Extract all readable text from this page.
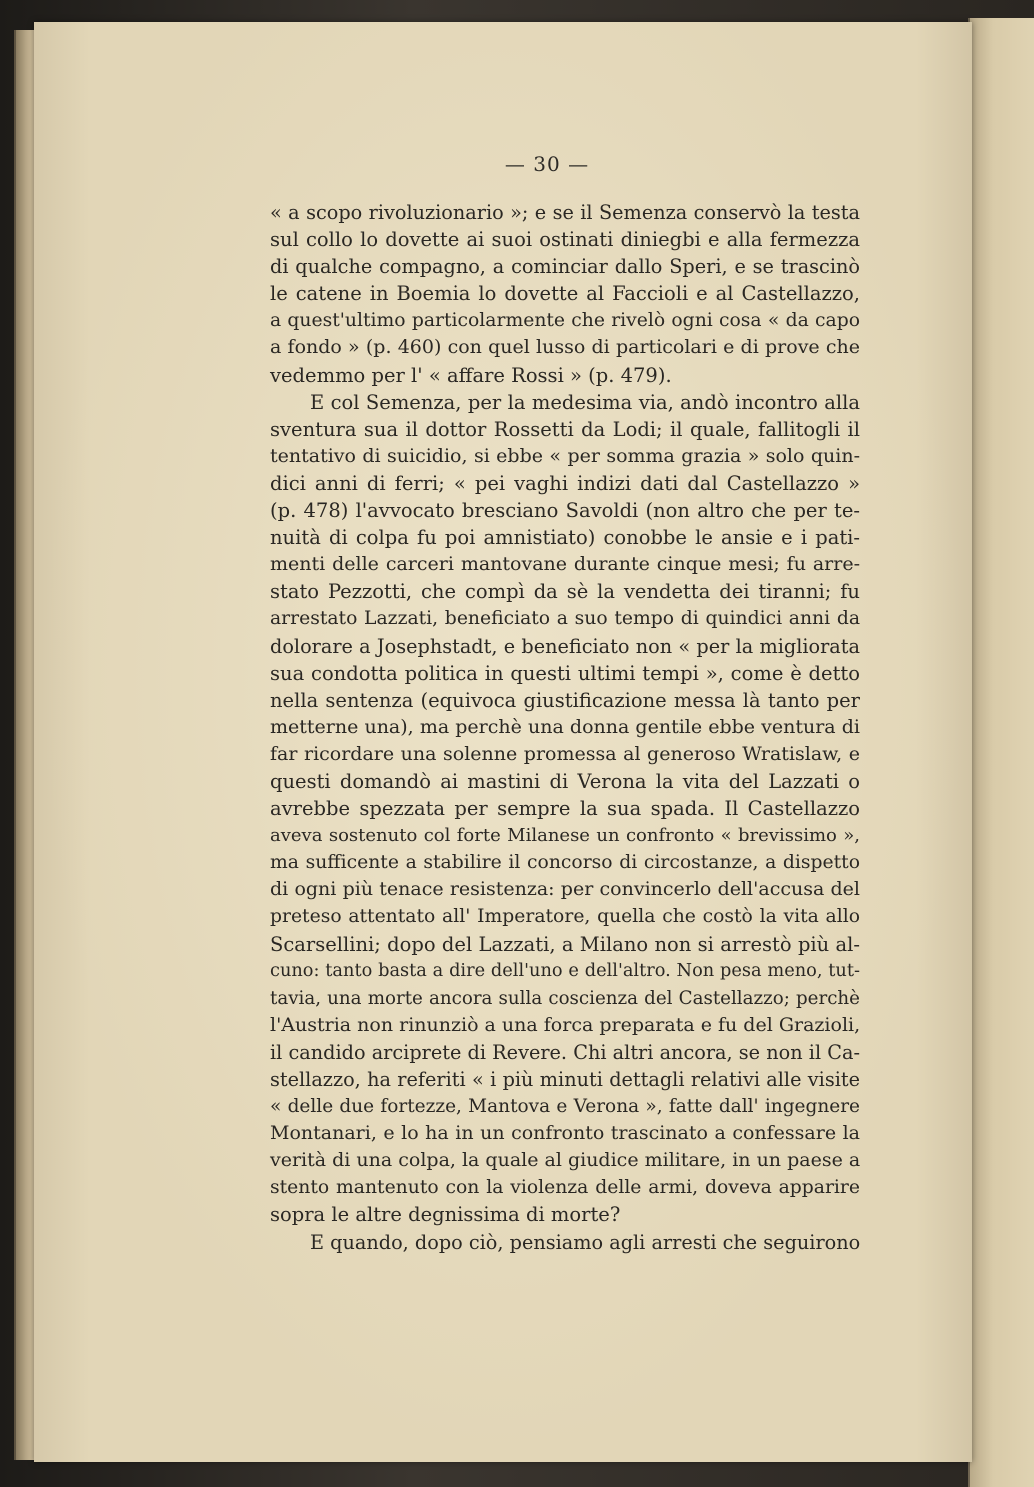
— 30 —
« a scopo rivoluzionario »; e se il Semenza conservò la testa
sul collo lo dovette ai suoi ostinati diniegbi e alla fermezza
di qualche compagno, a cominciar dallo Speri, e se trascinò
le catene in Boemia lo dovette al Faccioli e al Castellazzo,
a quest'ultimo particolarmente che rivelò ogni cosa « da capo
a fondo » (p. 460) con quel lusso di particolari e di prove che
vedemmo per l' « affare Rossi » (p. 479).
E col Semenza, per la medesima via, andò incontro alla
sventura sua il dottor Rossetti da Lodi; il quale, fallitogli il
tentativo di suicidio, si ebbe « per somma grazia » solo quin-
dici anni di ferri; « pei vaghi indizi dati dal Castellazzo »
(p. 478) l'avvocato bresciano Savoldi (non altro che per te-
nuità di colpa fu poi amnistiato) conobbe le ansie e i pati-
menti delle carceri mantovane durante cinque mesi; fu arre-
stato Pezzotti, che compì da sè la vendetta dei tiranni; fu
arrestato Lazzati, beneficiato a suo tempo di quindici anni da
dolorare a Josephstadt, e beneficiato non « per la migliorata
sua condotta politica in questi ultimi tempi », come è detto
nella sentenza (equivoca giustificazione messa là tanto per
metterne una), ma perchè una donna gentile ebbe ventura di
far ricordare una solenne promessa al generoso Wratislaw, e
questi domandò ai mastini di Verona la vita del Lazzati o
avrebbe spezzata per sempre la sua spada. Il Castellazzo
aveva sostenuto col forte Milanese un confronto « brevissimo »,
ma sufficente a stabilire il concorso di circostanze, a dispetto
di ogni più tenace resistenza: per convincerlo dell'accusa del
preteso attentato all' Imperatore, quella che costò la vita allo
Scarsellini; dopo del Lazzati, a Milano non si arrestò più al-
cuno: tanto basta a dire dell'uno e dell'altro. Non pesa meno, tut-
tavia, una morte ancora sulla coscienza del Castellazzo; perchè
l'Austria non rinunziò a una forca preparata e fu del Grazioli,
il candido arciprete di Revere. Chi altri ancora, se non il Ca-
stellazzo, ha referiti « i più minuti dettagli relativi alle visite
« delle due fortezze, Mantova e Verona », fatte dall' ingegnere
Montanari, e lo ha in un confronto trascinato a confessare la
verità di una colpa, la quale al giudice militare, in un paese a
stento mantenuto con la violenza delle armi, doveva apparire
sopra le altre degnissima di morte?
E quando, dopo ciò, pensiamo agli arresti che seguirono
